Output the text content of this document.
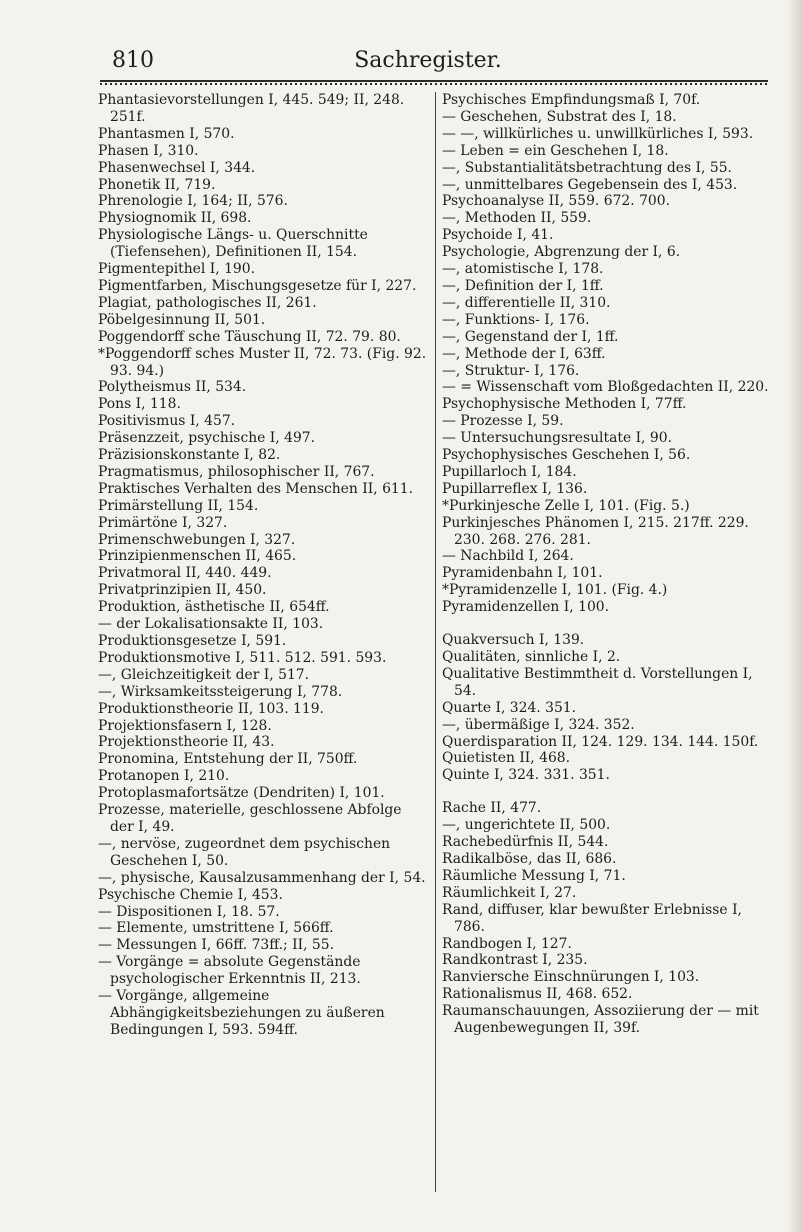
810	Sachregister.

Phantasievorstellungen I, 445. 549; II, 248. 251f.

Phantasmen I, 570.

Phasen I, 310.

Phasenwechsel I, 344.

Phonetik II, 719.

Phrenologie I, 164; II, 576.

Physiognomik II, 698.

Physiologische Längs- u. Querschnitte (Tiefensehen), Definitionen II, 154.

Pigmentepithel I, 190.

Pigmentfarben, Mischungsgesetze für I, 227.

Plagiat, pathologisches II, 261.

Pöbelgesinnung II, 501.

Poggendorff sche Täuschung II, 72. 79. 80.

*Poggendorff sches Muster II, 72. 73. (Fig. 92. 93. 94.)

Polytheismus II, 534.

Pons I, 118.

Positivismus I, 457.

Präsenzzeit, psychische I, 497.

Präzisionskonstante I, 82.

Pragmatismus, philosophischer II, 767.

Praktisches Verhalten des Menschen II, 611.

Primärstellung II, 154.

Primärtöne I, 327.

Primenschwebungen I, 327.

Prinzipienmenschen II, 465.

Privatmoral II, 440. 449.

Privatprinzipien II, 450.

Produktion, ästhetische II, 654ff.

— der Lokalisationsakte II, 103.

Produktionsgesetze I, 591.

Produktionsmotive I, 511. 512. 591. 593.

—, Gleichzeitigkeit der I, 517.

—, Wirksamkeitssteigerung I, 778.

Produktionstheorie II, 103. 119.

Projektionsfasern I, 128.

Projektionstheorie II, 43.

Pronomina, Entstehung der II, 750ff.

Protanopen I, 210.

Protoplasmafortsätze (Dendriten) I, 101.

Prozesse, materielle, geschlossene Abfolge der I, 49.

—, nervöse, zugeordnet dem psychischen Geschehen I, 50.

—, physische, Kausalzusammenhang der I, 54.

Psychische Chemie I, 453.

— Dispositionen I, 18. 57.

— Elemente, umstrittene I, 566ff.

— Messungen I, 66ff. 73ff.; II, 55.

— Vorgänge = absolute Gegenstände psychologischer Erkenntnis II, 213.

— Vorgänge, allgemeine Abhängigkeitsbeziehungen zu äußeren Bedingungen I, 593. 594ff.

Psychisches Empfindungsmaß I, 70f.

— Geschehen, Substrat des I, 18.

— —, willkürliches u. unwillkürliches I, 593.

— Leben = ein Geschehen I, 18.

—, Substantialitätsbetrachtung des I, 55.

—, unmittelbares Gegebensein des I, 453.

Psychoanalyse II, 559. 672. 700.

—, Methoden II, 559.

Psychoide I, 41.

Psychologie, Abgrenzung der I, 6.

—, atomistische I, 178.

—, Definition der I, 1ff.

—, differentielle II, 310.

—, Funktions- I, 176.

—, Gegenstand der I, 1ff.

—, Methode der I, 63ff.

—, Struktur- I, 176.

— = Wissenschaft vom Bloßgedachten II, 220.

Psychophysische Methoden I, 77ff.

— Prozesse I, 59.

— Untersuchungsresultate I, 90.

Psychophysisches Geschehen I, 56.

Pupillarloch I, 184.

Pupillarreflex I, 136.

*Purkinjesche Zelle I, 101. (Fig. 5.)

Purkinjesches Phänomen I, 215. 217ff. 229. 230. 268. 276. 281.

— Nachbild I, 264.

Pyramidenbahn I, 101.

*Pyramidenzelle I, 101. (Fig. 4.)

Pyramidenzellen I, 100.

Quakversuch I, 139.

Qualitäten, sinnliche I, 2.

Qualitative Bestimmtheit d. Vorstellungen I, 54.

Quarte I, 324. 351.

—, übermäßige I, 324. 352.

Querdisparation II, 124. 129. 134. 144. 150f.

Quietisten II, 468.

Quinte I, 324. 331. 351.

Rache II, 477.

—, ungerichtete II, 500.

Rachebedürfnis II, 544.

Radikalböse, das II, 686.

Räumliche Messung I, 71.

Räumlichkeit I, 27.

Rand, diffuser, klar bewußter Erlebnisse I, 786.

Randbogen I, 127.

Randkontrast I, 235.

Ranviersche Einschnürungen I, 103.

Rationalismus II, 468. 652.

Raumanschauungen, Assoziierung der — mit Augenbewegungen II, 39f.
